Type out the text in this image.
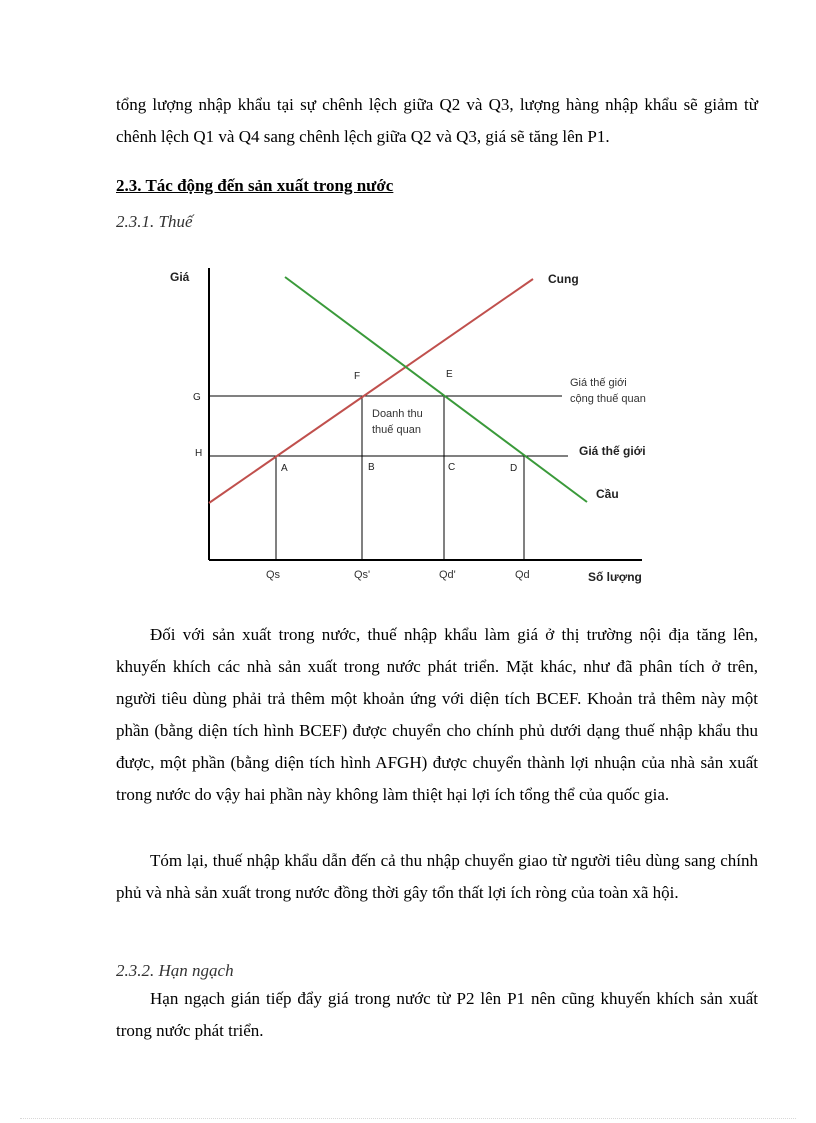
tổng lượng nhập khẩu tại sự chênh lệch giữa Q2 và Q3, lượng hàng nhập khẩu sẽ giảm từ chênh lệch Q1 và Q4 sang chênh lệch giữa Q2 và Q3, giá sẽ tăng lên P1.

2.3. Tác động đến sản xuất trong nước

2.3.1. Thuế

Giá
Số lượng
Cung
Cầu
Giá thế giới
cộng thuế quan
Giá thế giới
G
H
F	E
A	B	C	D
Doanh thu
thuế quan
Qs	Qs'	Qd'	Qd

Đối với sản xuất trong nước, thuế nhập khẩu làm giá ở thị trường nội địa tăng lên, khuyến khích các nhà sản xuất trong nước phát triển. Mặt khác, như đã phân tích ở trên, người tiêu dùng phải trả thêm một khoản ứng với diện tích BCEF. Khoản trả thêm này một phần (bằng diện tích hình BCEF) được chuyển cho chính phủ dưới dạng thuế nhập khẩu thu được, một phần (bằng diện tích hình AFGH) được chuyển thành lợi nhuận của nhà sản xuất trong nước do vậy hai phần này không làm thiệt hại lợi ích tổng thể của quốc gia.

Tóm lại, thuế nhập khẩu dẫn đến cả thu nhập chuyển giao từ người tiêu dùng sang chính phủ và nhà sản xuất trong nước đồng thời gây tổn thất lợi ích ròng của toàn xã hội.

2.3.2. Hạn ngạch

Hạn ngạch gián tiếp đẩy giá trong nước từ P2 lên P1 nên cũng khuyến khích sản xuất trong nước phát triển.
